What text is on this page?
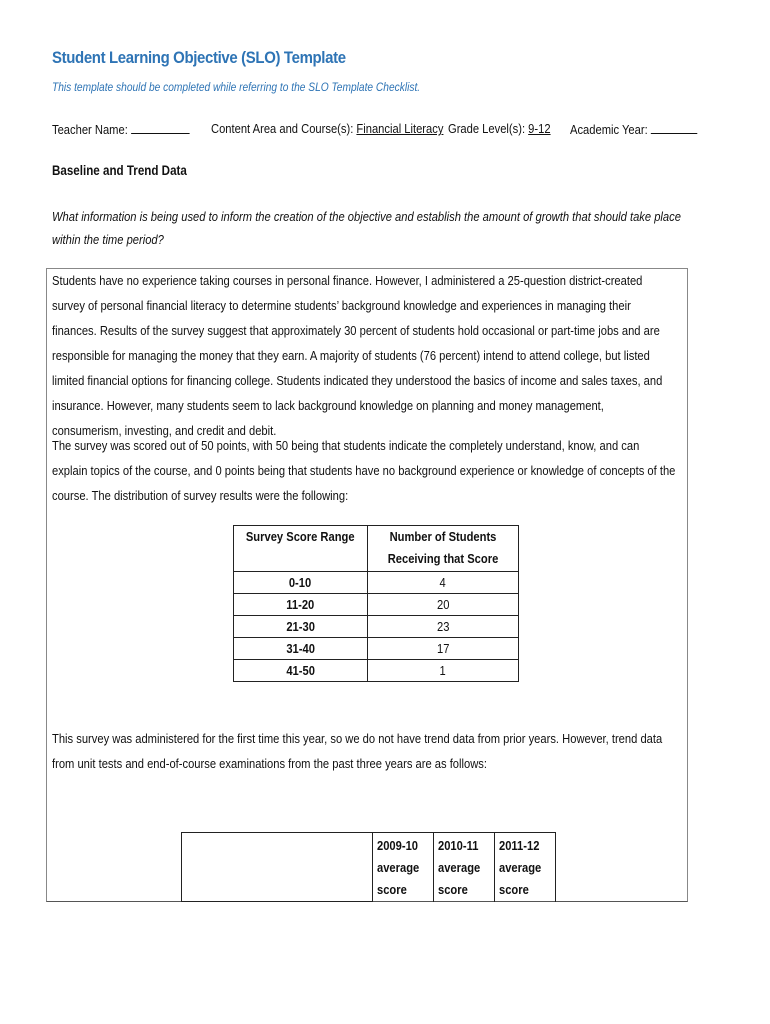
Student Learning Objective (SLO) Template
This template should be completed while referring to the SLO Template Checklist.
Teacher Name:	Content Area and Course(s): Financial Literacy Grade Level(s): 9-12 Academic Year:
Baseline and Trend Data
What information is being used to inform the creation of the objective and establish the amount of growth that should take place within the time period?
Students have no experience taking courses in personal finance. However, I administered a 25-question district-created survey of personal financial literacy to determine students’ background knowledge and experiences in managing their finances. Results of the survey suggest that approximately 30 percent of students hold occasional or part-time jobs and are responsible for managing the money that they earn. A majority of students (76 percent) intend to attend college, but listed limited financial options for financing college. Students indicated they understood the basics of income and sales taxes, and insurance. However, many students seem to lack background knowledge on planning and money management, consumerism, investing, and credit and debit.
The survey was scored out of 50 points, with 50 being that students indicate the completely understand, know, and can explain topics of the course, and 0 points being that students have no background experience or knowledge of concepts of the course. The distribution of survey results were the following:
Survey Score Range	Number of Students Receiving that Score
0-10	4
11-20	20
21-30	23
31-40	17
41-50	1
This survey was administered for the first time this year, so we do not have trend data from prior years. However, trend data from unit tests and end-of-course examinations from the past three years are as follows:
	2009-10 average score	2010-11 average score	2011-12 average score
